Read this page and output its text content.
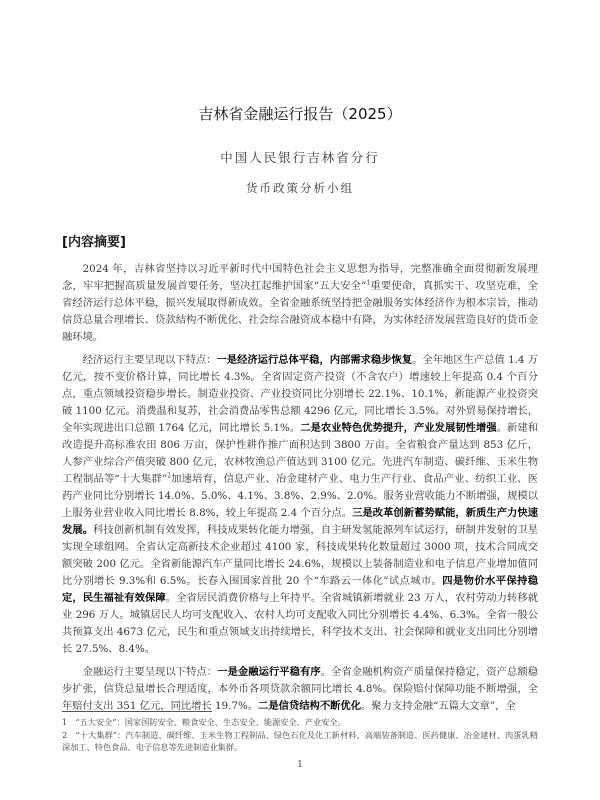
吉林省金融运行报告（2025）
中国人民银行吉林省分行
货币政策分析小组
[内容摘要]

2024 年，吉林省坚持以习近平新时代中国特色社会主义思想为指导，完整准确全面贯彻新发展理念，牢牢把握高质量发展首要任务，坚决扛起维护国家“五大安全”$^1$重要使命，真抓实干、攻坚克难，全省经济运行总体平稳，振兴发展取得新成效。全省金融系统坚持把金融服务实体经济作为根本宗旨，推动信贷总量合理增长、贷款结构不断优化、社会综合融资成本稳中有降，为实体经济发展营造良好的货币金融环境。

经济运行主要呈现以下特点：一是经济运行总体平稳，内部需求稳步恢复。全年地区生产总值 1.4 万亿元，按不变价格计算，同比增长 4.3%。全省固定资产投资（不含农户）增速较上年提高 0.4 个百分点，重点领域投资稳步增长。制造业投资、产业投资同比分别增长 22.1%、10.1%，新能源产业投资突破 1100 亿元。消费温和复苏，社会消费品零售总额 4296 亿元，同比增长 3.5%。对外贸易保持增长，全年实现进出口总额 1764 亿元，同比增长 5.1%。二是农业特色优势提升，产业发展韧性增强。新建和改造提升高标准农田 806 万亩，保护性耕作推广面积达到 3800 万亩。全省粮食产量达到 853 亿斤，人参产业综合产值突破 800 亿元，农林牧渔总产值达到 3100 亿元。先进汽车制造、碳纤维、玉米生物工程制品等“十大集群”$^2$加速培育，信息产业、冶金建材产业、电力生产行业、食品产业、纺织工业、医药产业同比分别增长 14.0%、5.0%、4.1%、3.8%、2.9%、2.0%。服务业营收能力不断增强，规模以上服务业营业收入同比增长 8.8%，较上年提高 2.4 个百分点。三是改革创新蓄势赋能，新质生产力快速发展。科技创新机制有效发挥，科技成果转化能力增强，自主研发氢能源列车试运行，研制并发射的卫星实现全球组网。全省认定高新技术企业超过 4100 家，科技成果转化数量超过 3000 项，技术合同成交额突破 200 亿元。全省新能源汽车产量同比增长 24.6%，规模以上装备制造业和电子信息产业增加值同比分别增长 9.3%和 6.5%。长春入围国家首批 20 个“车路云一体化”试点城市。四是物价水平保持稳定，民生福祉有效保障。全省居民消费价格与上年持平。全省城镇新增就业 23 万人，农村劳动力转移就业 296 万人。城镇居民人均可支配收入、农村人均可支配收入同比分别增长 4.4%、6.3%。全省一般公共预算支出 4673 亿元，民生和重点领域支出持续增长，科学技术支出、社会保障和就业支出同比分别增长 27.5%、8.4%。

金融运行主要呈现以下特点：一是金融运行平稳有序。全省金融机构资产质量保持稳定，资产总额稳步扩张，信贷总量增长合理适度，本外币各项贷款余额同比增长 4.8%。保险赔付保障功能不断增强，全年赔付支出 351 亿元，同比增长 19.7%。二是信贷结构不断优化。聚力支持金融“五篇大文章”，全

1　“五大安全”：国家国防安全、粮食安全、生态安全、能源安全、产业安全。
2　“十大集群”：汽车制造、碳纤维、玉米生物工程制品、绿色石化及化工新材料、高端装备制造、医药健康、冶金建材、肉蛋乳精深加工、特色食品、电子信息等先进制造业集群。
1
